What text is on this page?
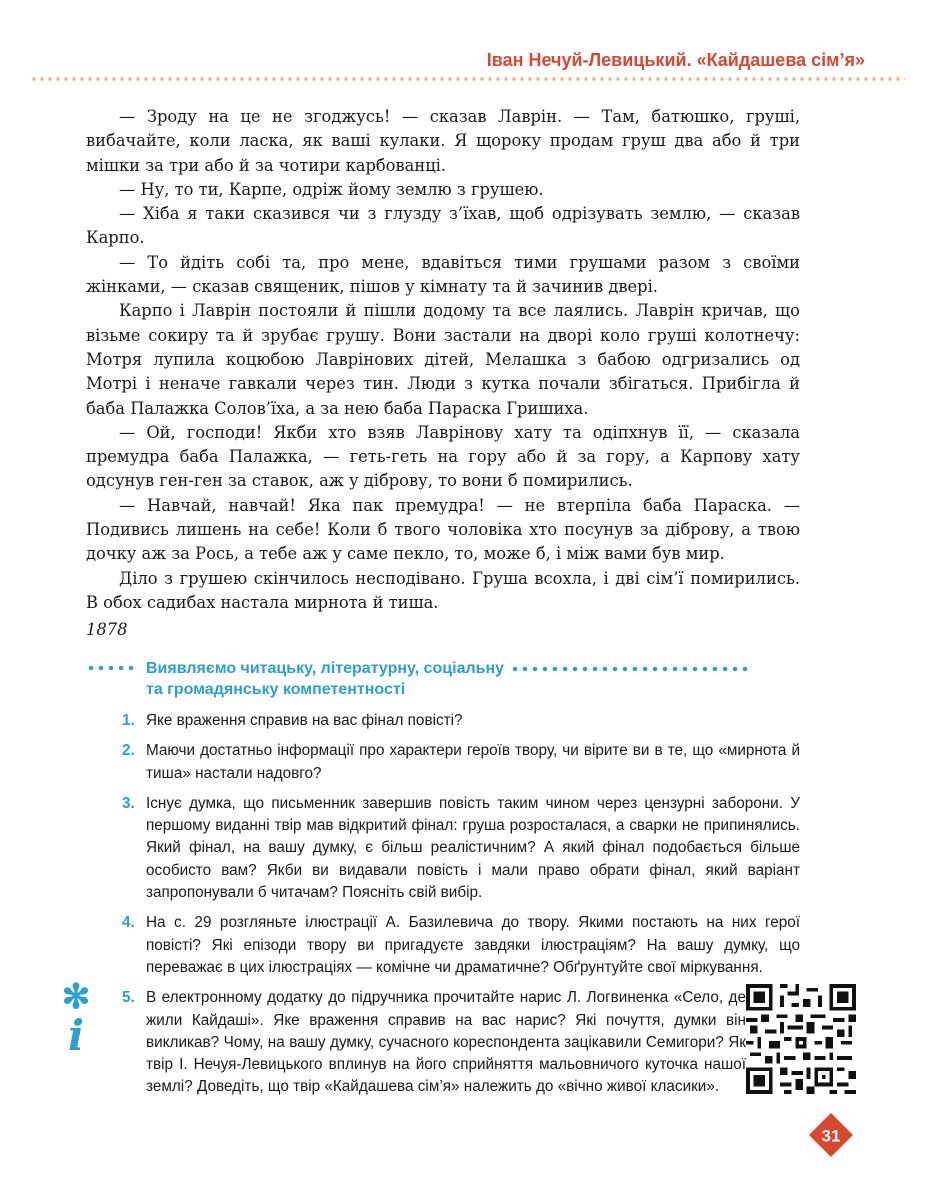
Іван Нечуй-Левицький. «Кайдашева сім’я»

— Зроду на це не згоджусь! — сказав Лаврін. — Там, батюшко, груші, вибачайте, коли ласка, як ваші кулаки. Я щороку продам груш два або й три мішки за три або й за чотири карбованці.

— Ну, то ти, Карпе, одріж йому землю з грушею.

— Хіба я таки сказився чи з глузду з’їхав, щоб одрізувать землю, — сказав Карпо.

— То йдіть собі та, про мене, вдавіться тими грушами разом з своїми жінками, — сказав священик, пішов у кімнату та й зачинив двері.

Карпо і Лаврін постояли й пішли додому та все лаялись. Лаврін кричав, що візьме сокиру та й зрубає грушу. Вони застали на дворі коло груші колотнечу: Мотря лупила коцюбою Лаврінових дітей, Мелашка з бабою одгризались од Мотрі і неначе гавкали через тин. Люди з кутка почали збігаться. Прибігла й баба Палажка Солов’їха, а за нею баба Параска Гришиха.

— Ой, господи! Якби хто взяв Лаврінову хату та одіпхнув її, — сказала премудра баба Палажка, — геть-геть на гору або й за гору, а Карпову хату одсунув ген-ген за ставок, аж у діброву, то вони б помирились.

— Навчай, навчай! Яка пак премудра! — не втерпіла баба Параска. — Подивись лишень на себе! Коли б твого чоловіка хто посунув за діброву, а твою дочку аж за Рось, а тебе аж у саме пекло, то, може б, і між вами був мир.

Діло з грушею скінчилось несподівано. Груша всохла, і дві сім’ї помирились. В обох садибах настала мирнота й тиша.

1878
Виявляємо читацьку, літературну, соціальну
та громадянську компетентності
1. Яке враження справив на вас фінал повісті?
2. Маючи достатньо інформації про характери героїв твору, чи вірите ви в те, що «мирнота й тиша» настали надовго?
3. Існує думка, що письменник завершив повість таким чином через цензурні заборони. У першому виданні твір мав відкритий фінал: груша розросталася, а сварки не припинялись. Який фінал, на вашу думку, є більш реалістичним? А який фінал подобається більше особисто вам? Якби ви видавали повість і мали право обрати фінал, який варіант запропонували б читачам? Поясніть свій вибір.
4. На с. 29 розгляньте ілюстрації А. Базилевича до твору. Якими постають на них герої повісті? Які епізоди твору ви пригадуєте завдяки ілюстраціям? На вашу думку, що переважає в цих ілюстраціях — комічне чи драматичне? Обґрунтуйте свої міркування.
5. В електронному додатку до підручника прочитайте нарис Л. Логвиненка «Село, де жили Кайдаші». Яке враження справив на вас нарис? Які почуття, думки він викликав? Чому, на вашу думку, сучасного кореспондента зацікавили Семигори? Як твір І. Нечуя-Левицького вплинув на його сприйняття мальовничого куточка нашої землі? Доведіть, що твір «Кайдашева сім’я» належить до «вічно живої класики».
✻
i
31
